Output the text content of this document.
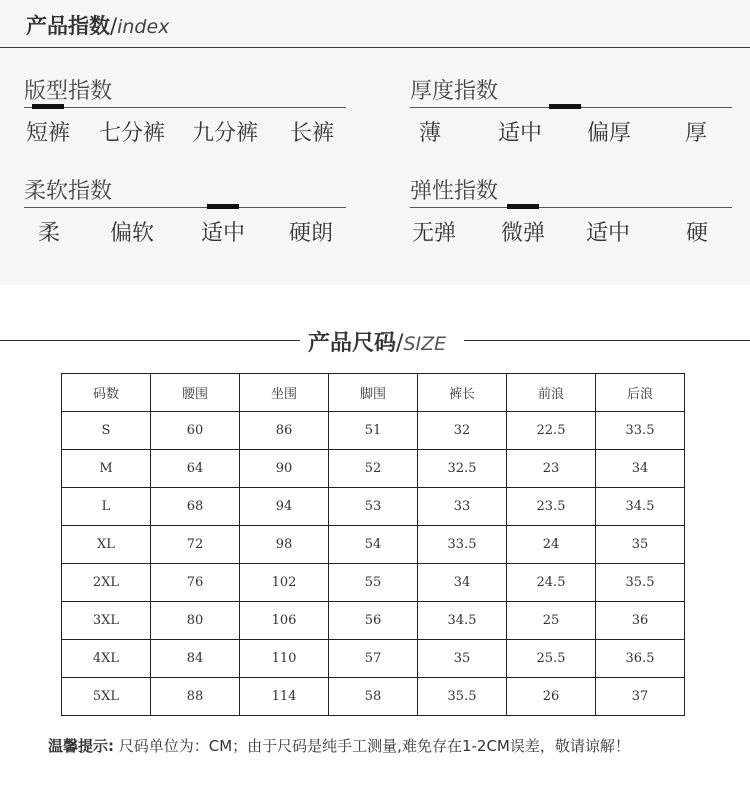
产品指数/index
版型指数
短裤 七分裤 九分裤 长裤
厚度指数
薄	适中 偏厚 厚
柔软指数
柔 偏软 适中 硬朗
弹性指数
无弹 微弹 适中	硬
产品尺码/SIZE
码数	腰围	坐围	脚围	裤长	前浪	后浪
S	60	86	51	32	22.5	33.5
M	64	90	52	32.5	23	34
L	68	94	53	33	23.5	34.5
XL	72	98	54	33.5	24	35
2XL	76	102	55	34	24.5	35.5
3XL	80	106	56	34.5	25	36
4XL	84	110	57	35	25.5	36.5
5XL	88	114	58	35.5	26	37
温馨提示: 尺码单位为：CM；由于尺码是纯手工测量,难免存在1-2CM误差，敬请谅解！
